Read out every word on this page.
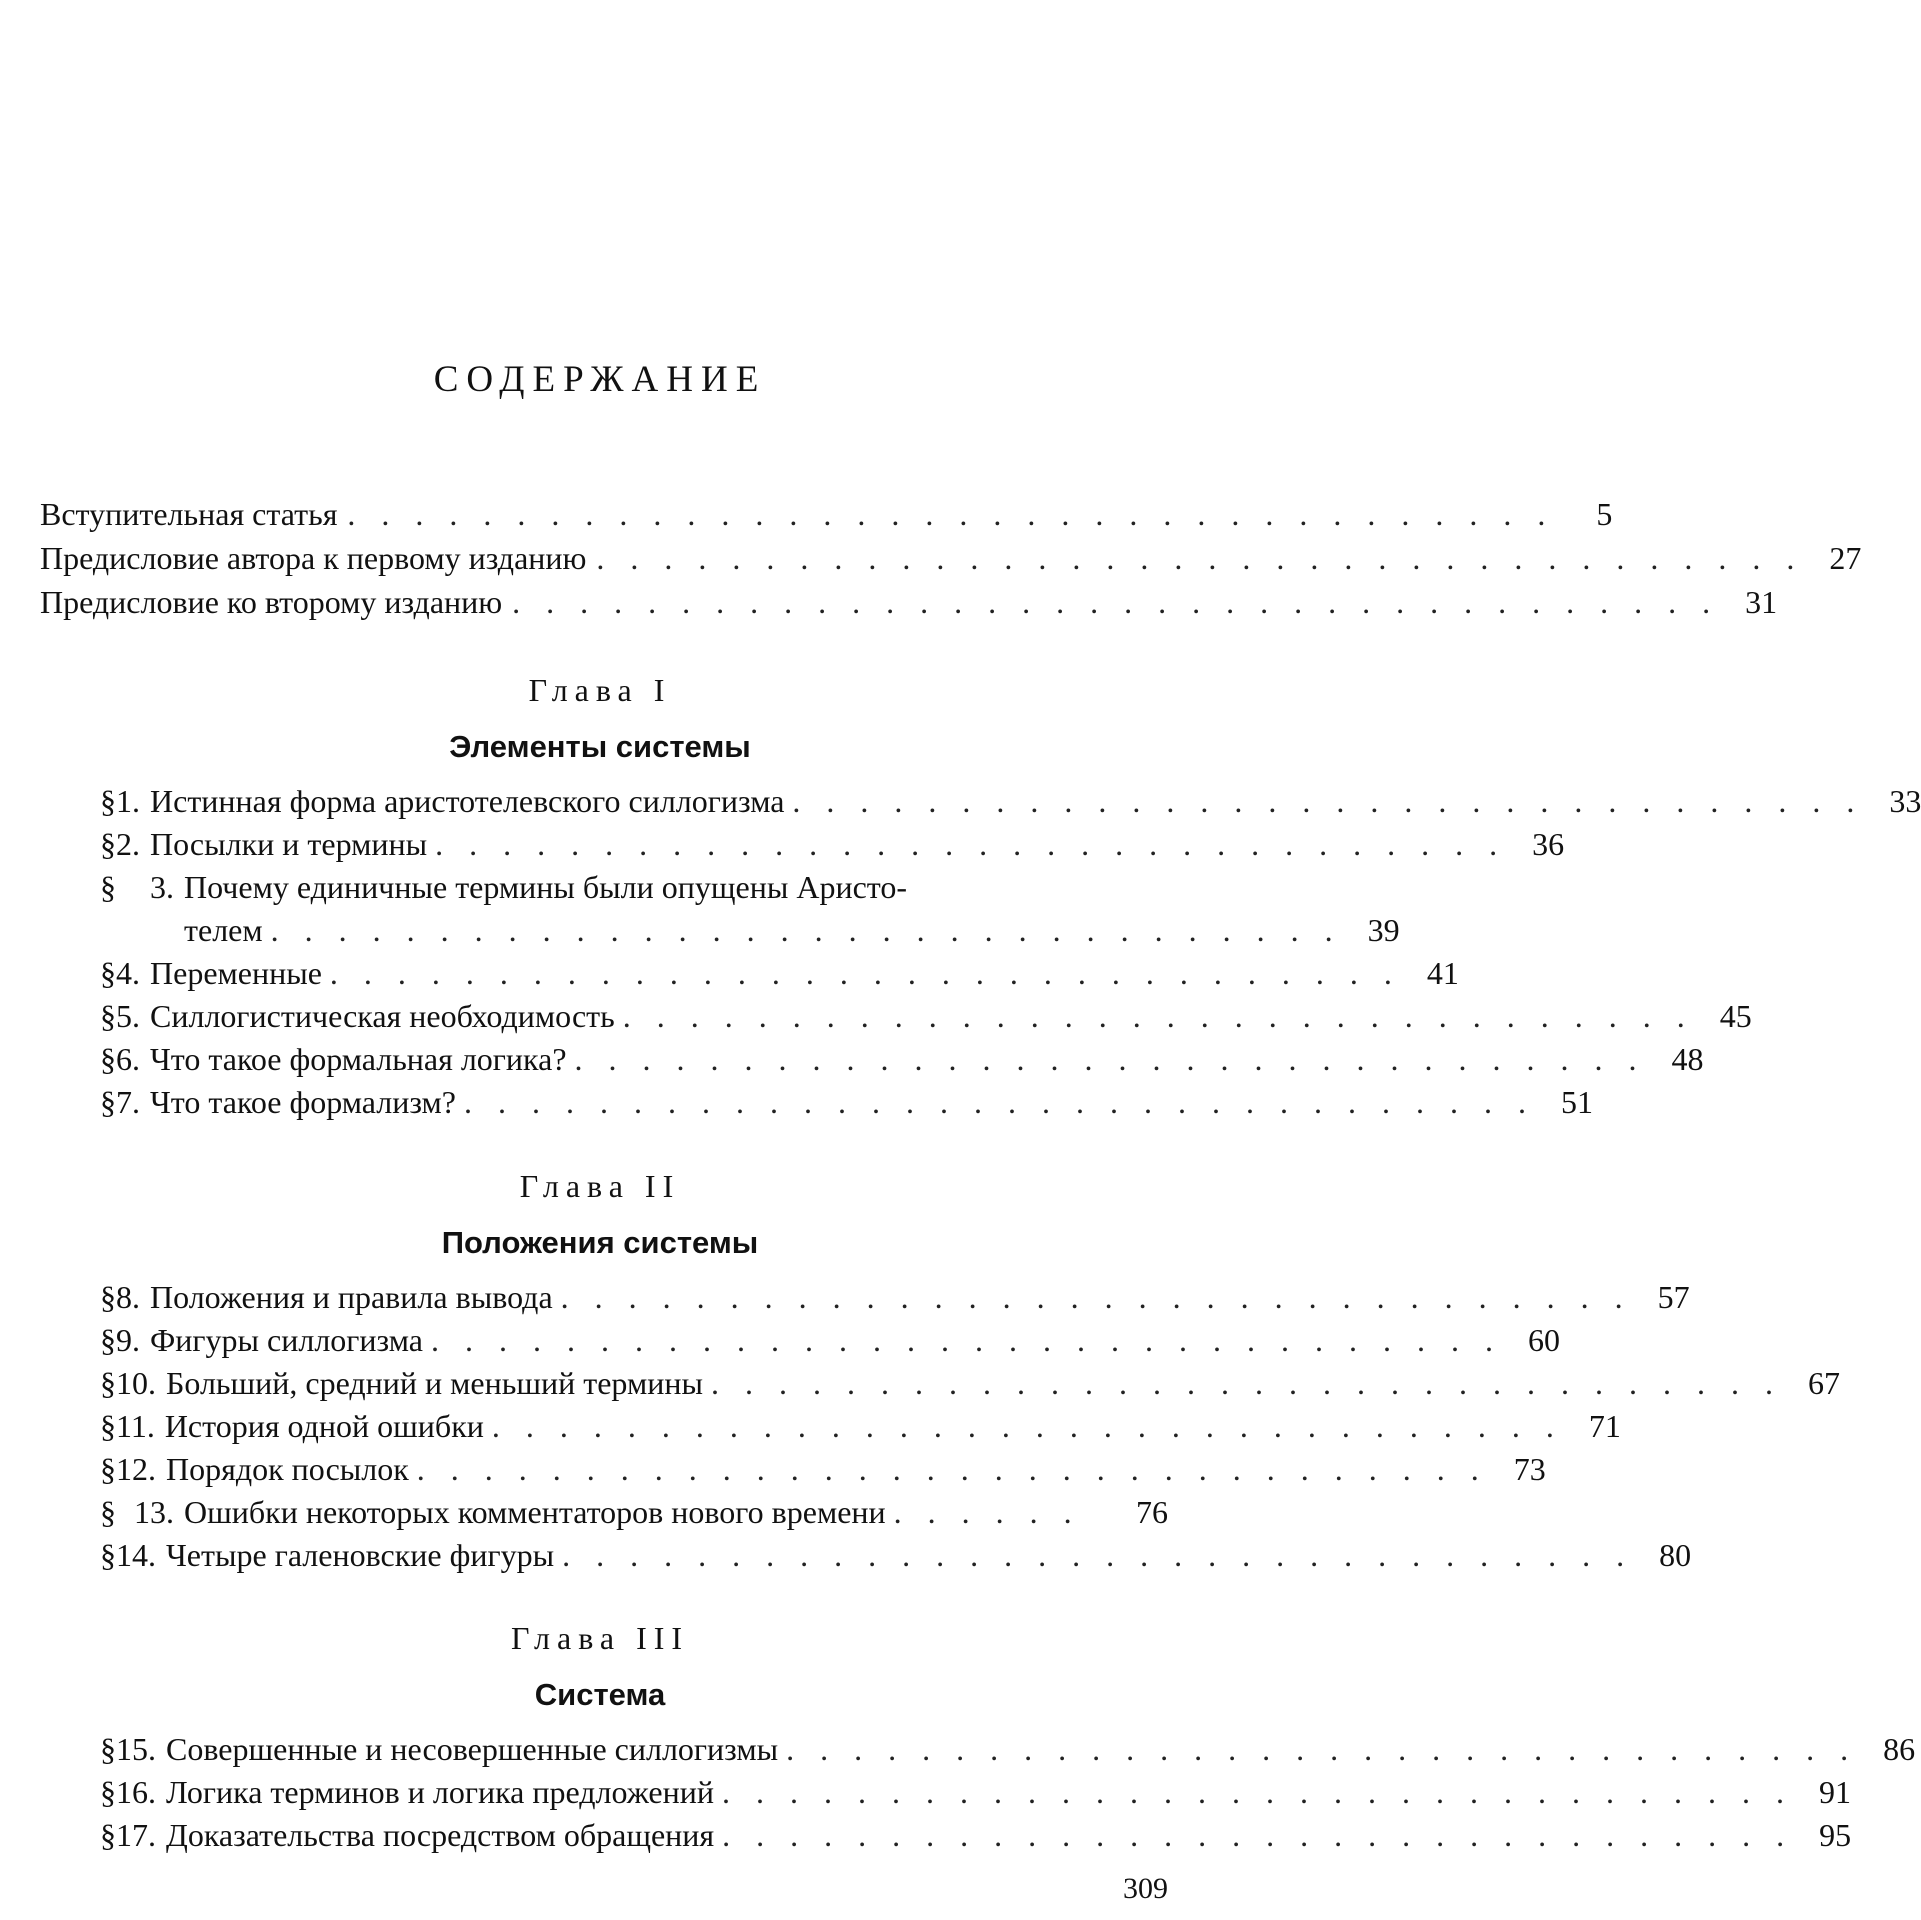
СОДЕРЖАНИЕ
Вступительная статья . . . . . . . . . . . . . . . . . . . . . . . . . . . . . . . . . . . .	5
Предисловие автора к первому изданию . . . . . . . . . . . . . . . . . . . . . . . . . . . . . . . . . . . . 27
Предисловие ко второму изданию . . . . . . . . . . . . . . . . . . . . . . . . . . . . . . . . . . . . 31
Глава I
Элементы системы
§ 1. Истинная форма аристотелевского силлогизма . . . . . . . . . . . . . . . . . . . . . . . . . . . . . . . . 33
§ 2. Посылки и термины . . . . . . . . . . . . . . . . . . . . . . . . . . . . . . . . 36
§	3. Почему единичные термины были опущены Аристо-
телем . . . . . . . . . . . . . . . . . . . . . . . . . . . . . . . . 39
§ 4. Переменные . . . . . . . . . . . . . . . . . . . . . . . . . . . . . . . . 41
§ 5. Силлогистическая необходимость . . . . . . . . . . . . . . . . . . . . . . . . . . . . . . . . 45
§ 6. Что такое формальная логика? . . . . . . . . . . . . . . . . . . . . . . . . . . . . . . . . 48
§ 7. Что такое формализм? . . . . . . . . . . . . . . . . . . . . . . . . . . . . . . . . 51
Глава II
Положения системы
§ 8. Положения и правила вывода . . . . . . . . . . . . . . . . . . . . . . . . . . . . . . . . 57
§ 9. Фигуры силлогизма . . . . . . . . . . . . . . . . . . . . . . . . . . . . . . . . 60
§ 10. Больший, средний и меньший термины . . . . . . . . . . . . . . . . . . . . . . . . . . . . . . . . 67
§ 11. История одной ошибки . . . . . . . . . . . . . . . . . . . . . . . . . . . . . . . . 71
§ 12. Порядок посылок . . . . . . . . . . . . . . . . . . . . . . . . . . . . . . . . 73
§ 13. Ошибки некоторых комментаторов нового времени . . . . . .	76
§ 14. Четыре галеновские фигуры . . . . . . . . . . . . . . . . . . . . . . . . . . . . . . . . 80
Глава III
Система
§ 15. Совершенные и несовершенные силлогизмы . . . . . . . . . . . . . . . . . . . . . . . . . . . . . . . . 86
§ 16. Логика терминов и логика предложений . . . . . . . . . . . . . . . . . . . . . . . . . . . . . . . . 91
§ 17. Доказательства посредством обращения . . . . . . . . . . . . . . . . . . . . . . . . . . . . . . . . 95
309
